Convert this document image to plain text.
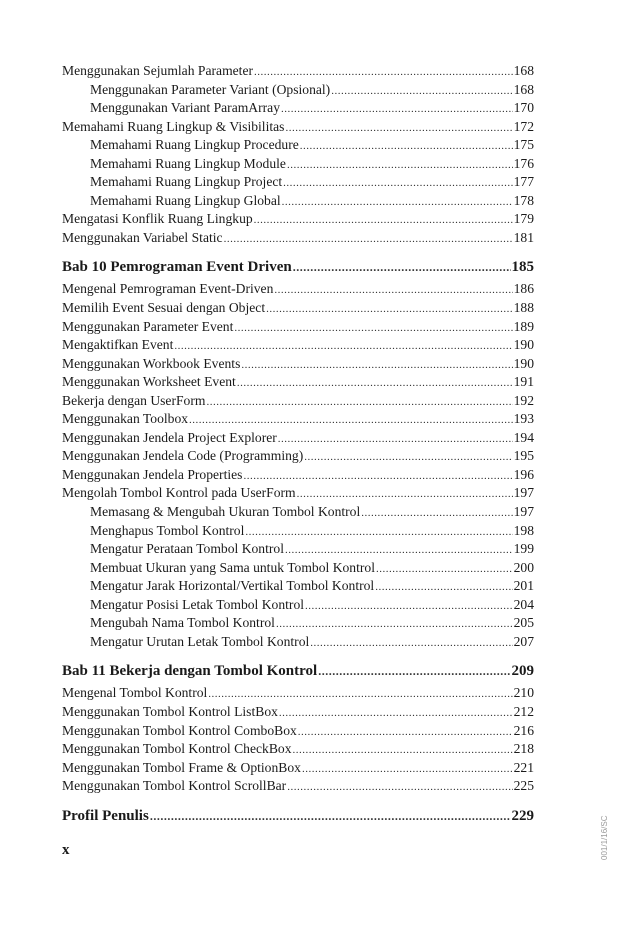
Menggunakan Sejumlah Parameter .....	168
Menggunakan Parameter Variant (Opsional) .....	168
Menggunakan Variant ParamArray .....	170
Memahami Ruang Lingkup & Visibilitas .....	172
Memahami Ruang Lingkup Procedure .....	175
Memahami Ruang Lingkup Module .....	176
Memahami Ruang Lingkup Project .....	177
Memahami Ruang Lingkup Global .....	178
Mengatasi Konflik Ruang Lingkup .....	179
Menggunakan Variabel Static .....	181
Bab 10 Pemrograman Event Driven .....	185
Mengenal Pemrograman Event-Driven .....	186
Memilih Event Sesuai dengan Object .....	188
Menggunakan Parameter Event .....	189
Mengaktifkan Event .....	190
Menggunakan Workbook Events .....	190
Menggunakan Worksheet Event .....	191
Bekerja dengan UserForm .....	192
Menggunakan Toolbox .....	193
Menggunakan Jendela Project Explorer .....	194
Menggunakan Jendela Code (Programming) .....	195
Menggunakan Jendela Properties .....	196
Mengolah Tombol Kontrol pada UserForm .....	197
Memasang & Mengubah Ukuran Tombol Kontrol .....	197
Menghapus Tombol Kontrol .....	198
Mengatur Perataan Tombol Kontrol .....	199
Membuat Ukuran yang Sama untuk Tombol Kontrol .....	200
Mengatur Jarak Horizontal/Vertikal Tombol Kontrol .....	201
Mengatur Posisi Letak Tombol Kontrol .....	204
Mengubah Nama Tombol Kontrol .....	205
Mengatur Urutan Letak Tombol Kontrol .....	207
Bab 11 Bekerja dengan Tombol Kontrol .....	209
Mengenal Tombol Kontrol .....	210
Menggunakan Tombol Kontrol ListBox .....	212
Menggunakan Tombol Kontrol ComboBox .....	216
Menggunakan Tombol Kontrol CheckBox .....	218
Menggunakan Tombol Frame & OptionBox .....	221
Menggunakan Tombol Kontrol ScrollBar .....	225
Profil Penulis .....	229
x	001/1/16/SC
